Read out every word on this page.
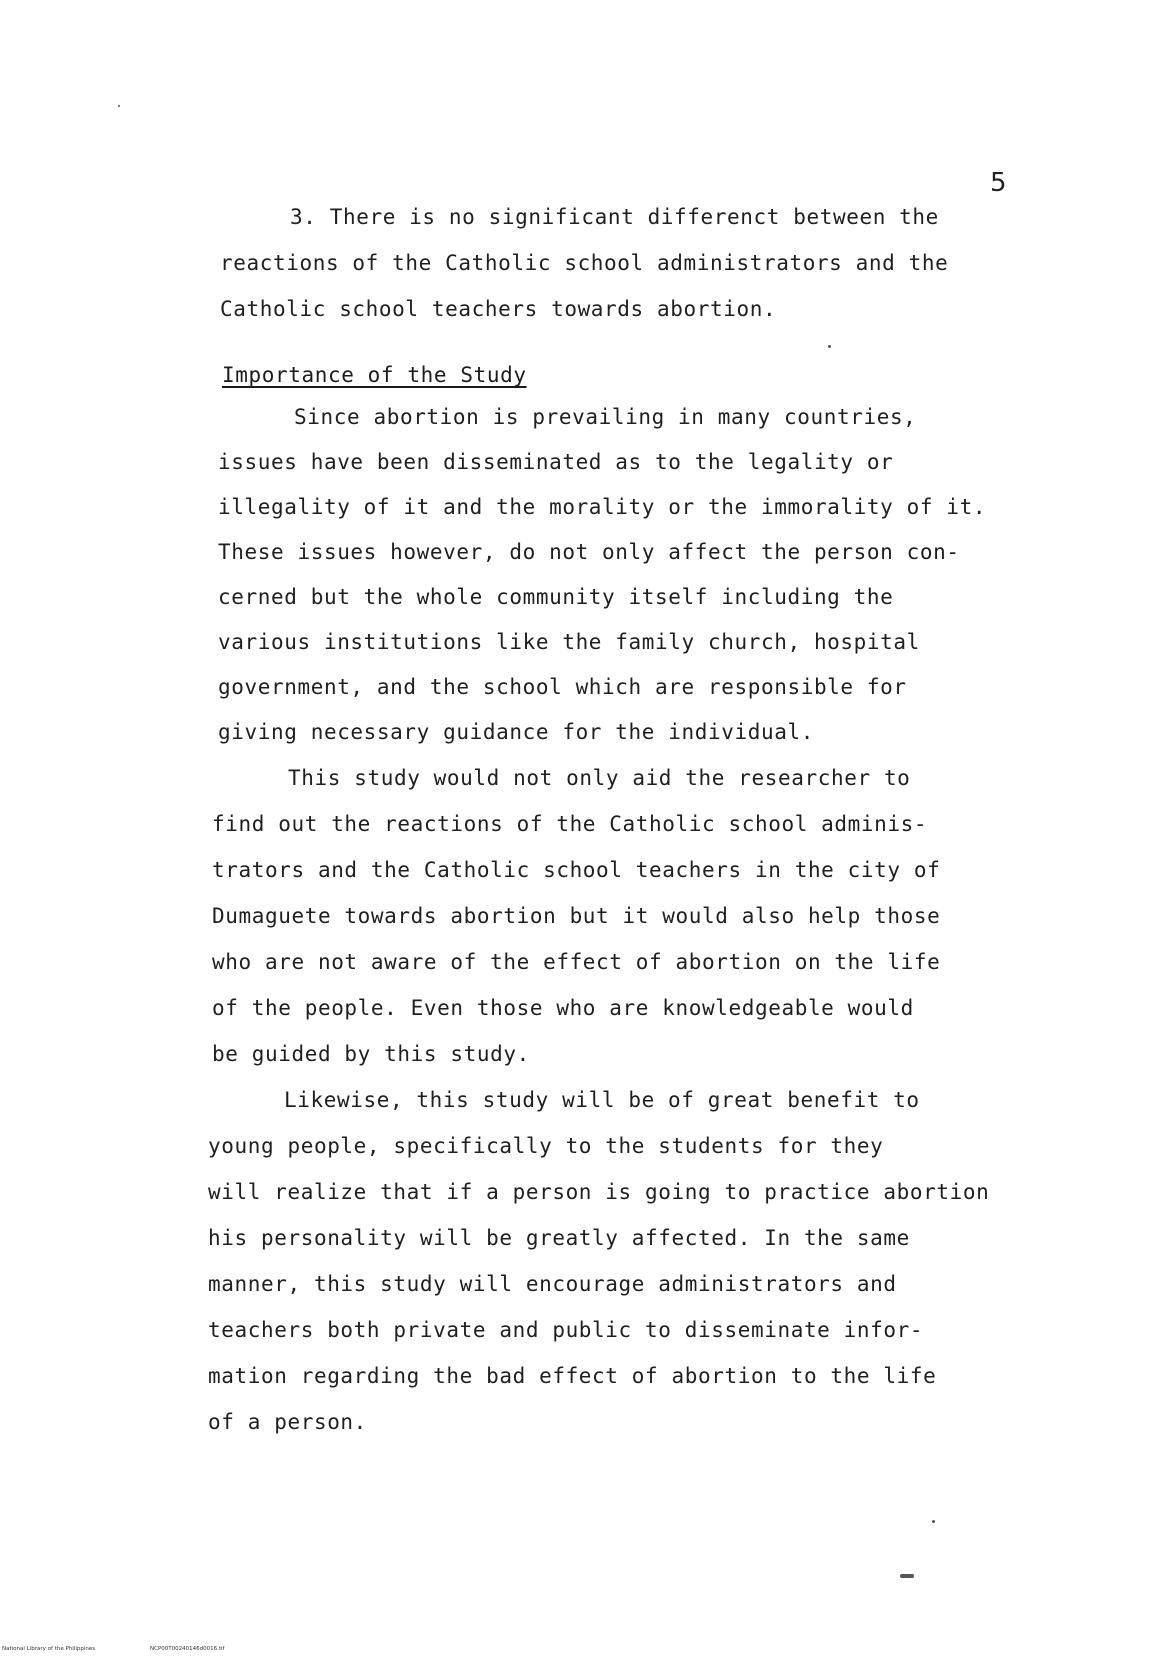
5
3. There is no significant differenct between the
reactions of the Catholic school administrators and the
Catholic school teachers towards abortion.
Importance of the Study
Since abortion is prevailing in many countries,
issues have been disseminated as to the legality or
illegality of it and the morality or the immorality of it.
These issues however, do not only affect the person con-
cerned but the whole community itself including the
various institutions like the family church, hospital
government, and the school which are responsible for
giving necessary guidance for the individual.
This study would not only aid the researcher to
find out the reactions of the Catholic school adminis-
trators and the Catholic school teachers in the city of
Dumaguete towards abortion but it would also help those
who are not aware of the effect of abortion on the life
of the people. Even those who are knowledgeable would
be guided by this study.
Likewise, this study will be of great benefit to
young people, specifically to the students for they
will realize that if a person is going to practice abortion
his personality will be greatly affected. In the same
manner, this study will encourage administrators and
teachers both private and public to disseminate infor-
mation regarding the bad effect of abortion to the life
of a person.
National Library of the Philippines	NCP00T00240146d0016.tif
